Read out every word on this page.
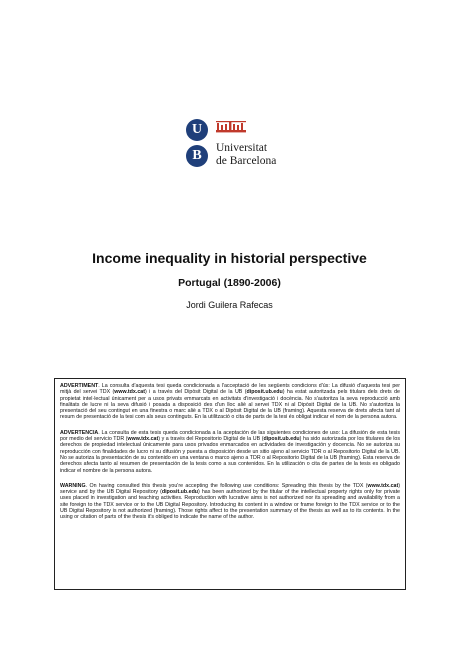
U
B	Universitat
de Barcelona
Income inequality in historial perspective
Portugal (1890-2006)
Jordi Guilera Rafecas

ADVERTIMENT. La consulta d'aquesta tesi queda condicionada a l'acceptació de les següents condicions d'ús: La difusió d'aquesta tesi per mitjà del servei TDX (www.tdx.cat) i a través del Dipòsit Digital de la UB (diposit.ub.edu) ha estat autoritzada pels titulars dels drets de propietat intel·lectual únicament per a usos privats emmarcats en activitats d'investigació i docència. No s'autoritza la seva reproducció amb finalitats de lucre ni la seva difusió i posada a disposició des d'un lloc aliè al servei TDX ni al Dipòsit Digital de la UB. No s'autoritza la presentació del seu contingut en una finestra o marc aliè a TDX o al Dipòsit Digital de la UB (framing). Aquesta reserva de drets afecta tant al resum de presentació de la tesi com als seus continguts. En la utilització o cita de parts de la tesi és obligat indicar el nom de la persona autora.

ADVERTENCIA. La consulta de esta tesis queda condicionada a la aceptación de las siguientes condiciones de uso: La difusión de esta tesis por medio del servicio TDR (www.tdx.cat) y a través del Repositorio Digital de la UB (diposit.ub.edu) ha sido autorizada por los titulares de los derechos de propiedad intelectual únicamente para usos privados enmarcados en actividades de investigación y docencia. No se autoriza su reproducción con finalidades de lucro ni su difusión y puesta a disposición desde un sitio ajeno al servicio TDR o al Repositorio Digital de la UB. No se autoriza la presentación de su contenido en una ventana o marco ajeno a TDR o al Repositorio Digital de la UB (framing). Esta reserva de derechos afecta tanto al resumen de presentación de la tesis como a sus contenidos. En la utilización o cita de partes de la tesis es obligado indicar el nombre de la persona autora.

WARNING. On having consulted this thesis you're accepting the following use conditions: Spreading this thesis by the TDX (www.tdx.cat) service and by the UB Digital Repository (diposit.ub.edu) has been authorized by the titular of the intellectual property rights only for private uses placed in investigation and teaching activities. Reproduction with lucrative aims is not authorized nor its spreading and availability from a site foreign to the TDX service or to the UB Digital Repository. Introducing its content in a window or frame foreign to the TDX service or to the UB Digital Repository is not authorized (framing). Those rights affect to the presentation summary of the thesis as well as to its contents. In the using or citation of parts of the thesis it's obliged to indicate the name of the author.
